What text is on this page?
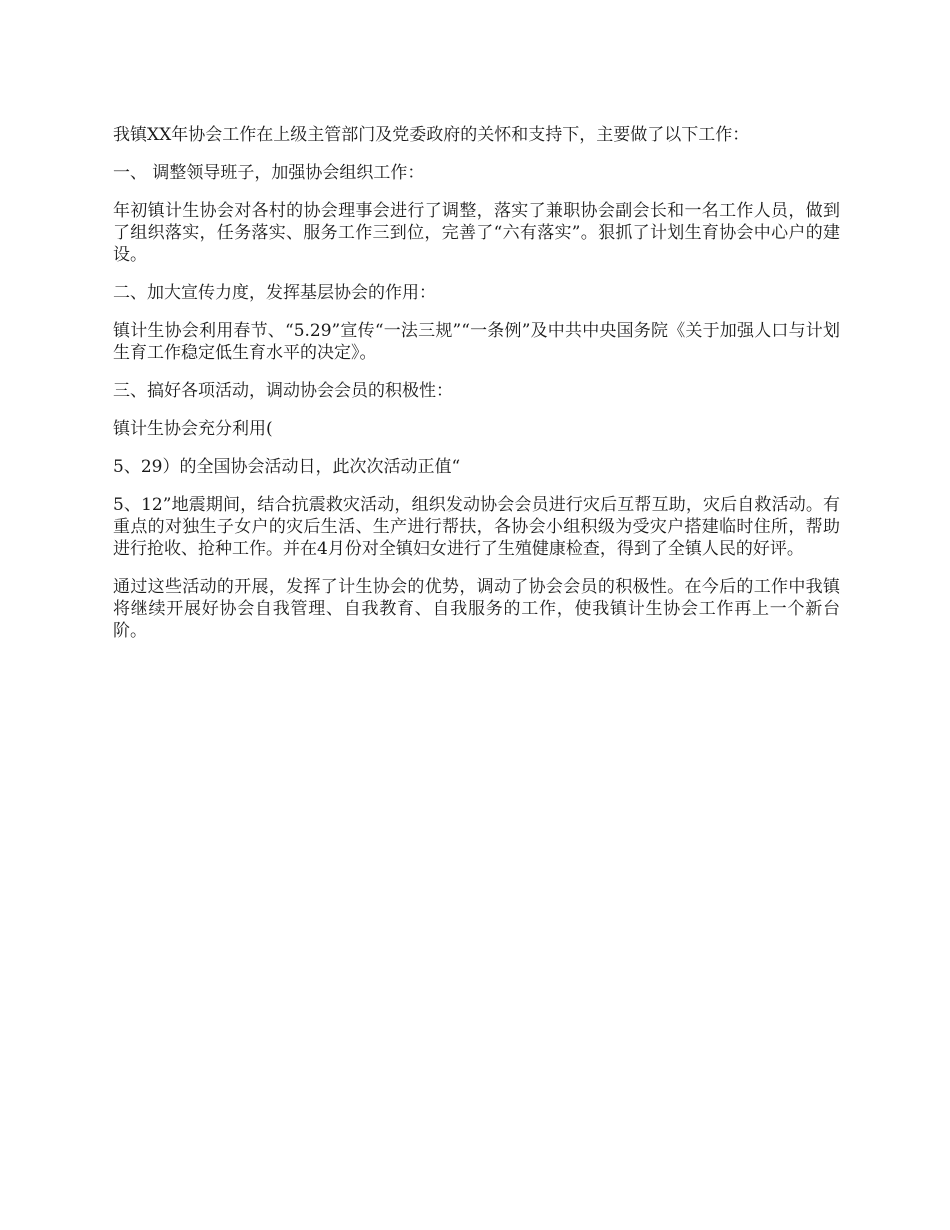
我镇XX年协会工作在上级主管部门及党委政府的关怀和支持下，主要做了以下工作：

一、 调整领导班子，加强协会组织工作：

年初镇计生协会对各村的协会理事会进行了调整，落实了兼职协会副会长和一名工作人员，做到了组织落实，任务落实、服务工作三到位，完善了“六有落实”。狠抓了计划生育协会中心户的建设。

二、加大宣传力度，发挥基层协会的作用：

镇计生协会利用春节、“5.29”宣传“一法三规”“一条例”及中共中央国务院《关于加强人口与计划生育工作稳定低生育水平的决定》。

三、搞好各项活动，调动协会会员的积极性：

镇计生协会充分利用(

5、29）的全国协会活动日，此次次活动正值“

5、12”地震期间，结合抗震救灾活动，组织发动协会会员进行灾后互帮互助，灾后自救活动。有重点的对独生子女户的灾后生活、生产进行帮扶，各协会小组积级为受灾户搭建临时住所，帮助进行抢收、抢种工作。并在4月份对全镇妇女进行了生殖健康检查，得到了全镇人民的好评。

通过这些活动的开展，发挥了计生协会的优势，调动了协会会员的积极性。在今后的工作中我镇将继续开展好协会自我管理、自我教育、自我服务的工作，使我镇计生协会工作再上一个新台阶。
